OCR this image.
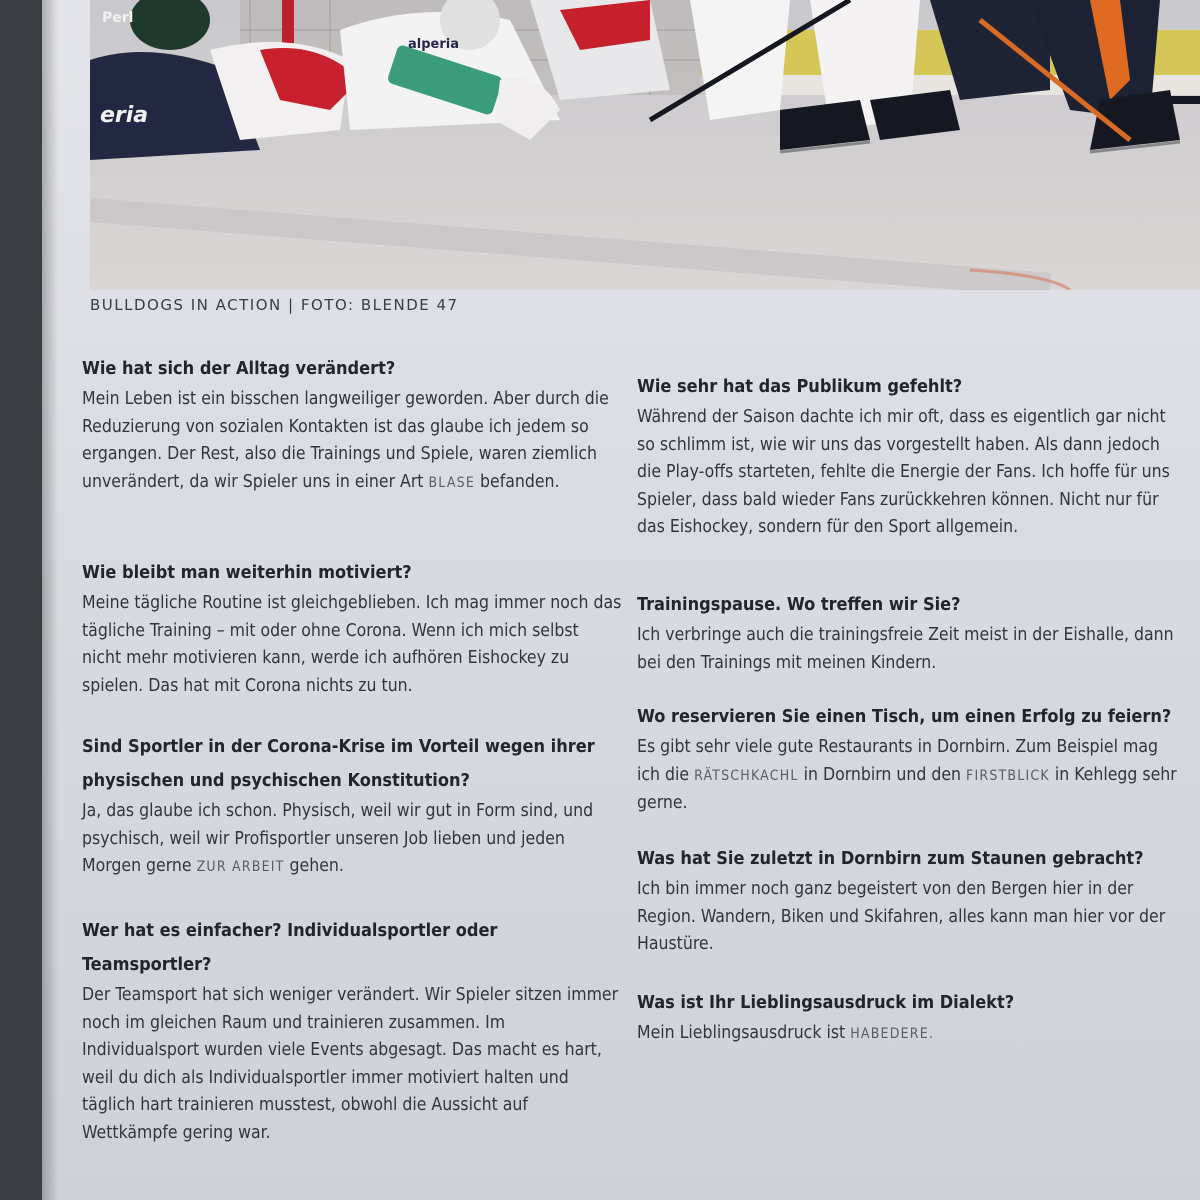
eria
alperia
Perl
BULLDOGS IN ACTION | FOTO: BLENDE 47

Wie hat sich der Alltag verändert?

Mein Leben ist ein bisschen langweiliger geworden. Aber durch die Reduzierung von sozialen Kontakten ist das glaube ich jedem so ergangen. Der Rest, also die Trainings und Spiele, waren ziemlich unverändert, da wir Spieler uns in einer Art BLASE befanden.

Wie bleibt man weiterhin motiviert?

Meine tägliche Routine ist gleichgeblieben. Ich mag immer noch das tägliche Training – mit oder ohne Corona. Wenn ich mich selbst nicht mehr motivieren kann, werde ich aufhören Eishockey zu spielen. Das hat mit Corona nichts zu tun.

Sind Sportler in der Corona-Krise im Vorteil wegen ihrer physischen und psychischen Konstitution?

Ja, das glaube ich schon. Physisch, weil wir gut in Form sind, und psychisch, weil wir Profisportler unseren Job lieben und jeden Morgen gerne ZUR ARBEIT gehen.

Wer hat es einfacher? Individualsportler oder Teamsportler?

Der Teamsport hat sich weniger verändert. Wir Spieler sitzen immer noch im gleichen Raum und trainieren zusammen. Im Individualsport wurden viele Events abgesagt. Das macht es hart, weil du dich als Individualsportler immer motiviert halten und täglich hart trainieren musstest, obwohl die Aussicht auf Wettkämpfe gering war.

Wie sehr hat das Publikum gefehlt?

Während der Saison dachte ich mir oft, dass es eigentlich gar nicht so schlimm ist, wie wir uns das vorgestellt haben. Als dann jedoch die Play-offs starteten, fehlte die Energie der Fans. Ich hoffe für uns Spieler, dass bald wieder Fans zurückkehren können. Nicht nur für das Eishockey, sondern für den Sport allgemein.

Trainingspause. Wo treffen wir Sie?

Ich verbringe auch die trainingsfreie Zeit meist in der Eishalle, dann bei den Trainings mit meinen Kindern.

Wo reservieren Sie einen Tisch, um einen Erfolg zu feiern?

Es gibt sehr viele gute Restaurants in Dornbirn. Zum Beispiel mag ich die RÄTSCHKACHL in Dornbirn und den FIRSTBLICK in Kehlegg sehr gerne.

Was hat Sie zuletzt in Dornbirn zum Staunen gebracht?

Ich bin immer noch ganz begeistert von den Bergen hier in der Region. Wandern, Biken und Skifahren, alles kann man hier vor der Haustüre.

Was ist Ihr Lieblingsausdruck im Dialekt?

Mein Lieblingsausdruck ist HABEDERE.
